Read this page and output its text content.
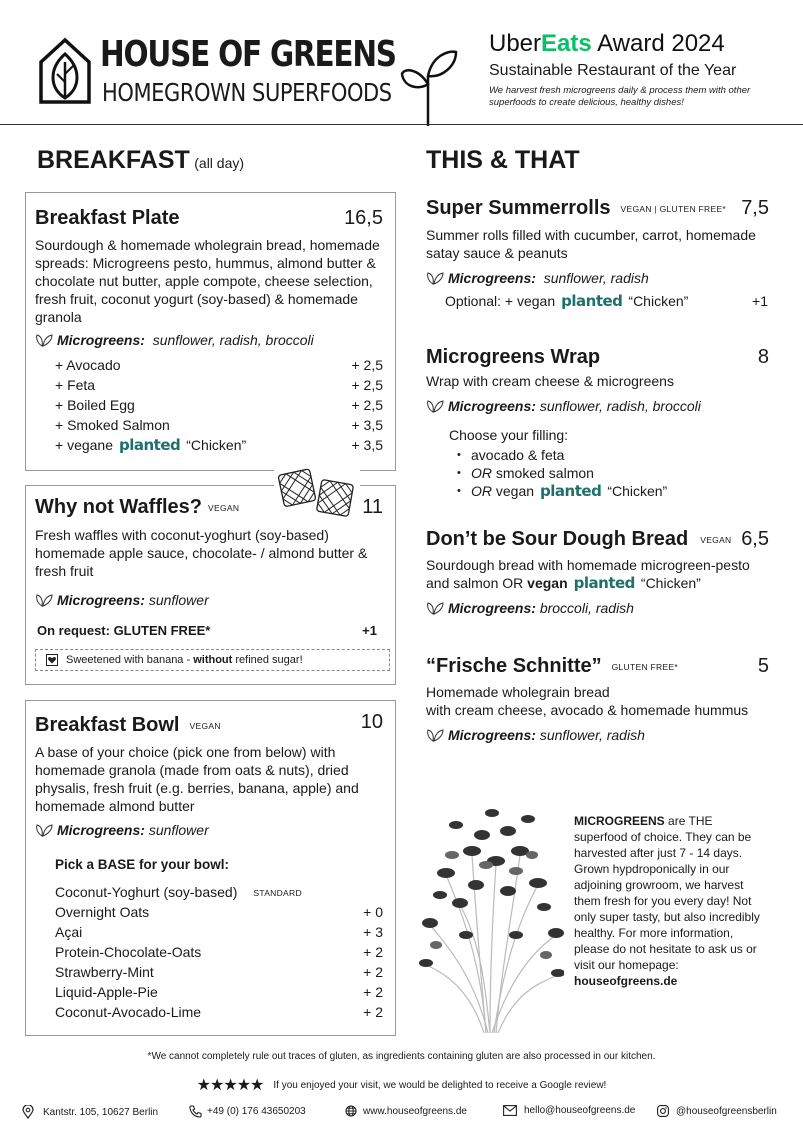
HOUSE OF GREENS
HOMEGROWN SUPERFOODS
UberEats Award 2024
Sustainable Restaurant of the Year
We harvest fresh microgreens daily & process them with other superfoods to create delicious, healthy dishes!
BREAKFAST (all day)
Breakfast Plate	16,5
Sourdough & homemade wholegrain bread, homemade spreads: Microgreens pesto, hummus, almond butter & chocolate nut butter, apple compote, cheese selection, fresh fruit, coconut yogurt (soy-based) & homemade granola
Microgreens: sunflower, radish, broccoli
+ Avocado	+ 2,5
+ Feta	+ 2,5
+ Boiled Egg	+ 2,5
+ Smoked Salmon	+ 3,5
+ vegane planted “Chicken”	+ 3,5
Why not Waffles? VEGAN	11
Fresh waffles with coconut-yoghurt (soy-based) homemade apple sauce, chocolate- / almond butter & fresh fruit
Microgreens: sunflower
On request: GLUTEN FREE*	+1
Sweetened with banana - without refined sugar!
Breakfast Bowl VEGAN	10
A base of your choice (pick one from below) with homemade granola (made from oats & nuts), dried physalis, fresh fruit (e.g. berries, banana, apple) and homemade almond butter
Microgreens: sunflower
Pick a BASE for your bowl:
Coconut-Yoghurt (soy-based) STANDARD
Overnight Oats	+ 0
Açai	+ 3
Protein-Chocolate-Oats	+ 2
Strawberry-Mint	+ 2
Liquid-Apple-Pie	+ 2
Coconut-Avocado-Lime	+ 2
THIS & THAT
Super Summerrolls VEGAN | GLUTEN FREE* 7,5
Summer rolls filled with cucumber, carrot, homemade satay sauce & peanuts
Microgreens: sunflower, radish
Optional: + vegan planted “Chicken”	+1
Microgreens Wrap	8
Wrap with cream cheese & microgreens
Microgreens: sunflower, radish, broccoli
Choose your filling:
• avocado & feta
• OR smoked salmon
• OR vegan planted “Chicken”
Don’t be Sour Dough Bread VEGAN 6,5
Sourdough bread with homemade microgreen-pesto and salmon OR vegan planted “Chicken”
Microgreens: broccoli, radish
“Frische Schnitte” GLUTEN FREE*	5
Homemade wholegrain bread
with cream cheese, avocado & homemade hummus
Microgreens: sunflower, radish
MICROGREENS are THE superfood of choice. They can be harvested after just 7 - 14 days. Grown hypdroponically in our adjoining growroom, we harvest them fresh for you every day! Not only super tasty, but also incredibly healthy. For more information, please do not hesitate to ask us or visit our homepage:
houseofgreens.de
*We cannot completely rule out traces of gluten, as ingredients containing gluten are also processed in our kitchen.
★★★★★ If you enjoyed your visit, we would be delighted to receive a Google review!
Kantstr. 105, 10627 Berlin	+49 (0) 176 43650203	www.houseofgreens.de	hello@houseofgreens.de	@houseofgreensberlin
